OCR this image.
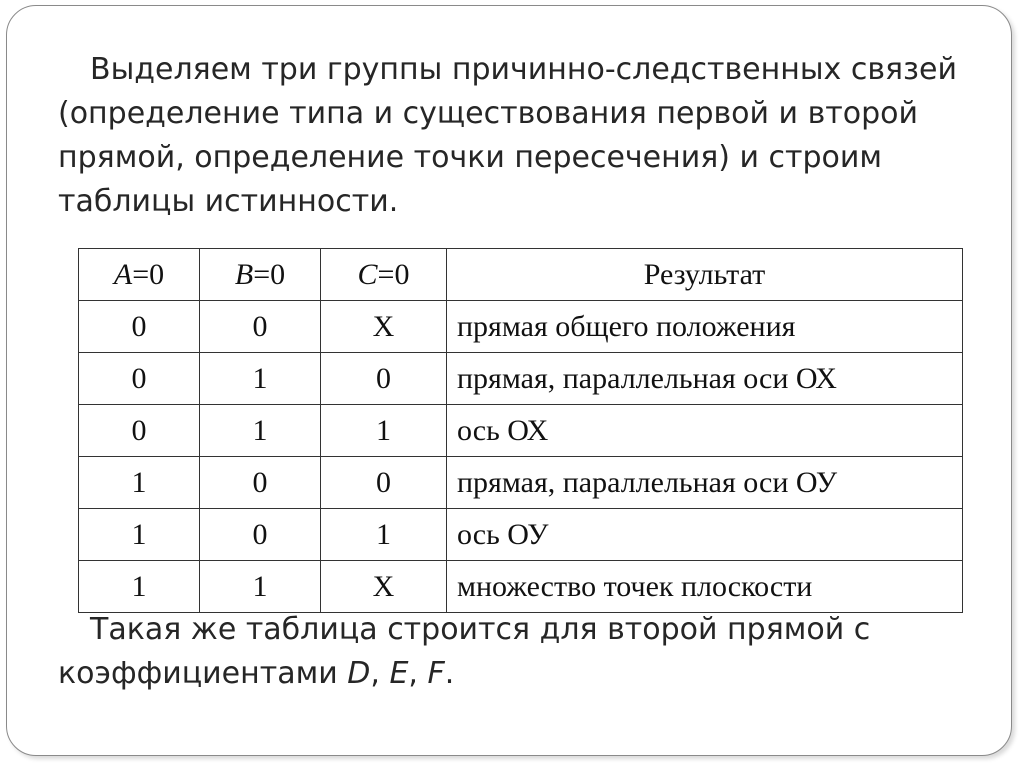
Выделяем три группы причинно-следственных связей (определение типа и существования первой и второй прямой, определение точки пересечения) и строим таблицы истинности.

A=0	B=0	C=0	Результат
0	0	X	прямая общего положения
0	1	0	прямая, параллельная оси ОХ
0	1	1	ось ОХ
1	0	0	прямая, параллельная оси ОУ
1	0	1	ось ОУ
1	1	X	множество точек плоскости

Такая же таблица строится для второй прямой с коэффициентами D, E, F.
